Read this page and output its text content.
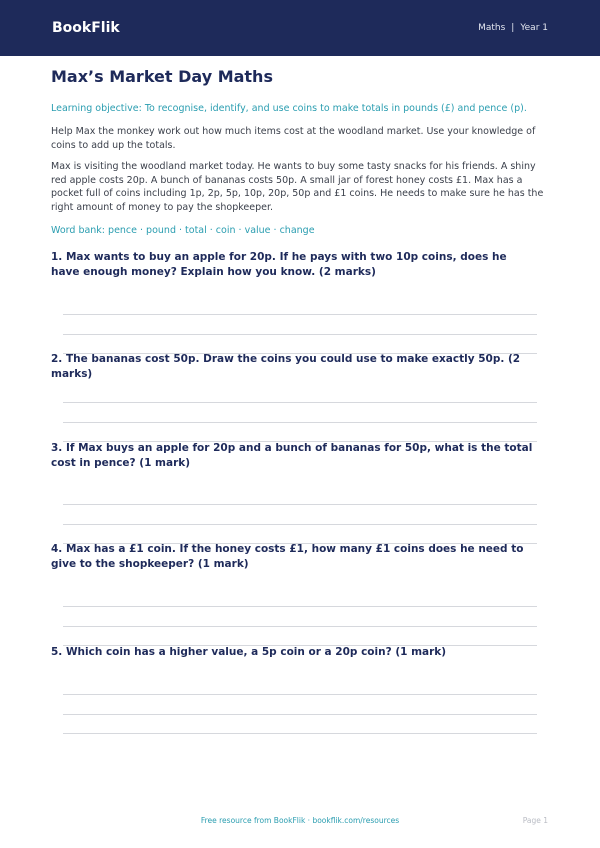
BookFlik	Maths | Year 1
Max’s Market Day Maths
Learning objective: To recognise, identify, and use coins to make totals in pounds (£) and pence (p).
Help Max the monkey work out how much items cost at the woodland market. Use your knowledge of coins to add up the totals.
Max is visiting the woodland market today. He wants to buy some tasty snacks for his friends. A shiny red apple costs 20p. A bunch of bananas costs 50p. A small jar of forest honey costs £1. Max has a pocket full of coins including 1p, 2p, 5p, 10p, 20p, 50p and £1 coins. He needs to make sure he has the right amount of money to pay the shopkeeper.
Word bank: pence · pound · total · coin · value · change
1. Max wants to buy an apple for 20p. If he pays with two 10p coins, does he have enough money? Explain how you know. (2 marks)
2. The bananas cost 50p. Draw the coins you could use to make exactly 50p. (2 marks)
3. If Max buys an apple for 20p and a bunch of bananas for 50p, what is the total cost in pence? (1 mark)
4. Max has a £1 coin. If the honey costs £1, how many £1 coins does he need to give to the shopkeeper? (1 mark)
5. Which coin has a higher value, a 5p coin or a 20p coin? (1 mark)
Free resource from BookFlik · bookflik.com/resources	Page 1
